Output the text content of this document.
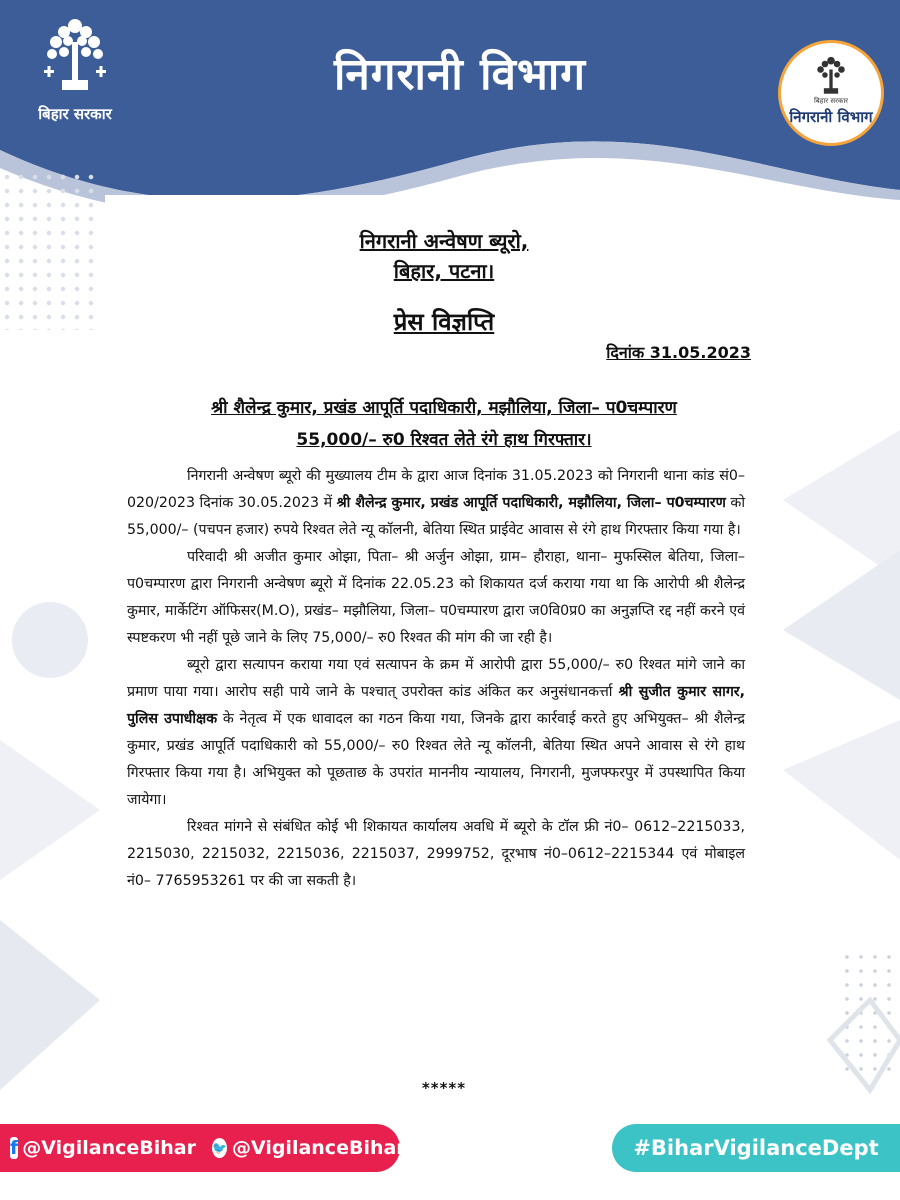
बिहार सरकार
निगरानी विभाग
बिहार सरकार
निगरानी विभाग
निगरानी अन्वेषण ब्यूरो,
बिहार, पटना।
प्रेस विज्ञप्ति
दिनांक 31.05.2023
श्री शैलेन्द्र कुमार, प्रखंड आपूर्ति पदाधिकारी, मझौलिया, जिला– प0चम्पारण
55,000/– रु0 रिश्वत लेते रंगे हाथ गिरफ्तार।

निगरानी अन्वेषण ब्यूरो की मुख्यालय टीम के द्वारा आज दिनांक 31.05.2023 को निगरानी थाना कांड सं0–020/2023 दिनांक 30.05.2023 में श्री शैलेन्द्र कुमार, प्रखंड आपूर्ति पदाधिकारी, मझौलिया, जिला– प0चम्पारण को 55,000/– (पचपन हजार) रुपये रिश्वत लेते न्यू कॉलनी, बेतिया स्थित प्राईवेट आवास से रंगे हाथ गिरफ्तार किया गया है।

परिवादी श्री अजीत कुमार ओझा, पिता– श्री अर्जुन ओझा, ग्राम– हौराहा, थाना– मुफस्सिल बेतिया, जिला– प0चम्पारण द्वारा निगरानी अन्वेषण ब्यूरो में दिनांक 22.05.23 को शिकायत दर्ज कराया गया था कि आरोपी श्री शैलेन्द्र कुमार, मार्केटिंग ऑफिसर(M.O), प्रखंड– मझौलिया, जिला– प0चम्पारण द्वारा ज0वि0प्र0 का अनुज्ञप्ति रद्द नहीं करने एवं स्पष्टकरण भी नहीं पूछे जाने के लिए 75,000/– रु0 रिश्वत की मांग की जा रही है।

ब्यूरो द्वारा सत्यापन कराया गया एवं सत्यापन के क्रम में आरोपी द्वारा 55,000/– रु0 रिश्वत मांगे जाने का प्रमाण पाया गया। आरोप सही पाये जाने के पश्चात् उपरोक्त कांड अंकित कर अनुसंधानकर्त्ता श्री सुजीत कुमार सागर, पुलिस उपाधीक्षक के नेतृत्व में एक धावादल का गठन किया गया, जिनके द्वारा कार्रवाई करते हुए अभियुक्त– श्री शैलेन्द्र कुमार, प्रखंड आपूर्ति पदाधिकारी को 55,000/– रु0 रिश्वत लेते न्यू कॉलनी, बेतिया स्थित अपने आवास से रंगे हाथ गिरफ्तार किया गया है। अभियुक्त को पूछताछ के उपरांत माननीय न्यायालय, निगरानी, मुजफ्फरपुर में उपस्थापित किया जायेगा।

रिश्वत मांगने से संबंधित कोई भी शिकायत कार्यालय अवधि में ब्यूरो के टॉल फ्री नं0– 0612–2215033, 2215030, 2215032, 2215036, 2215037, 2999752, दूरभाष नं0–0612–2215344 एवं मोबाइल नं0– 7765953261 पर की जा सकती है।

*****
f @VigilanceBihar 🐦 @VigilanceBihar	#BiharVigilanceDept
